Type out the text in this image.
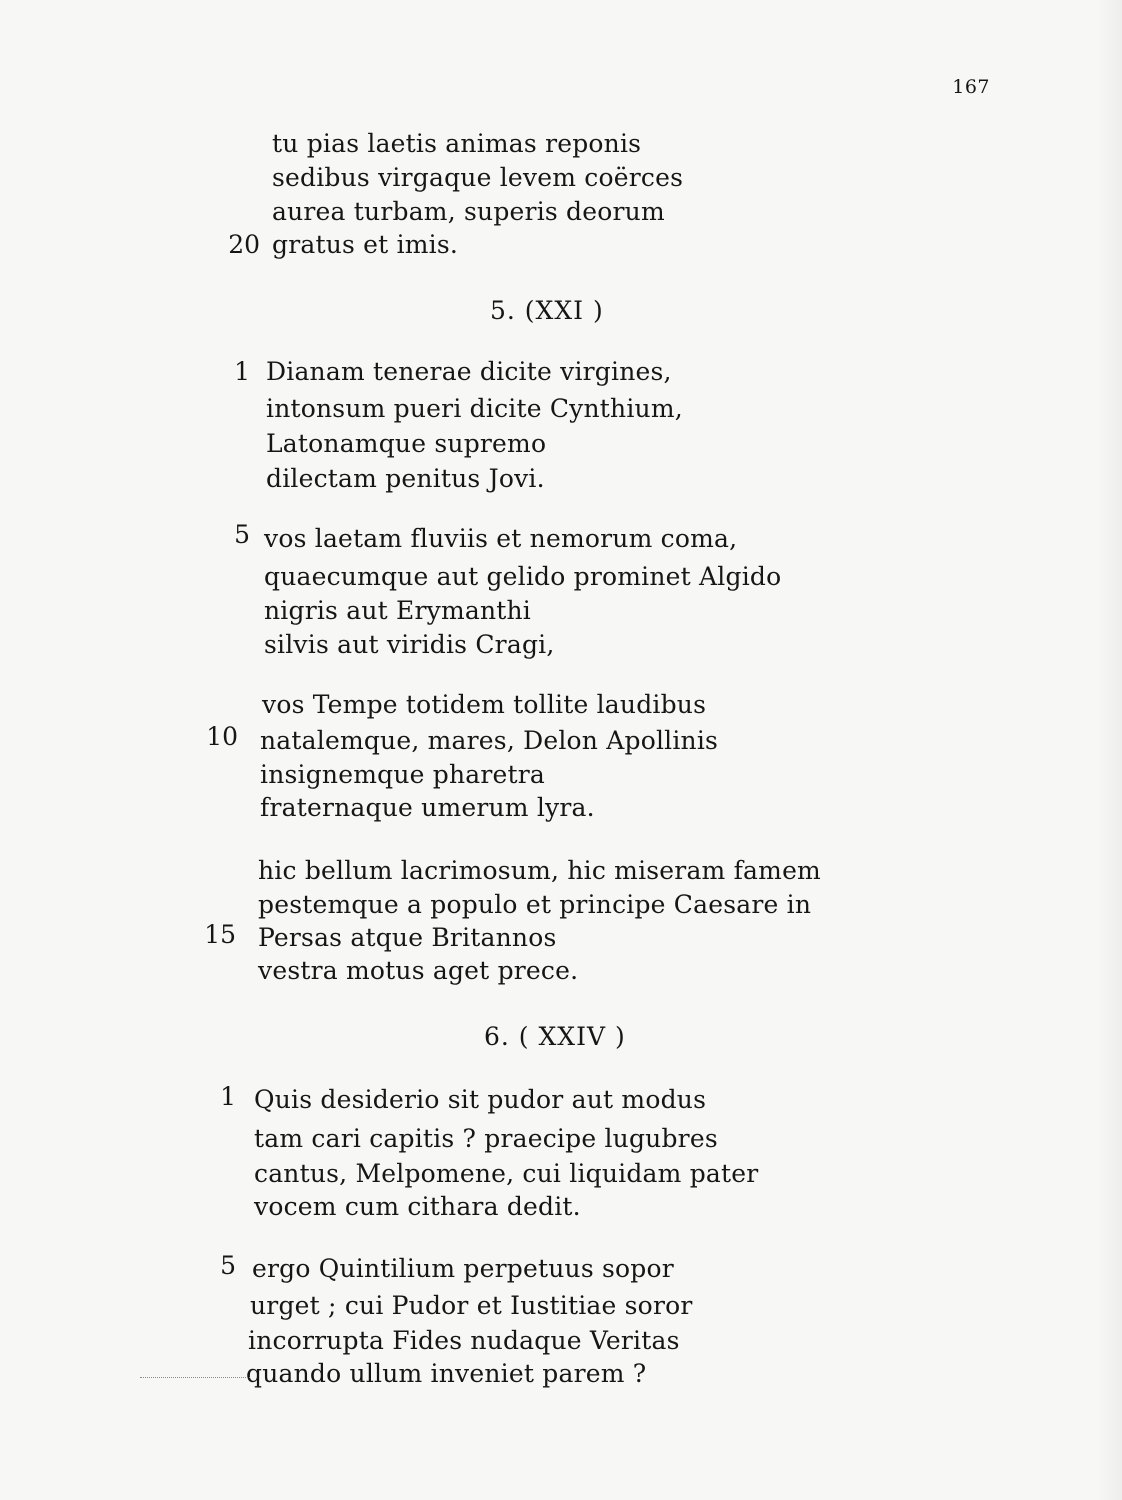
167
tu pias laetis animas reponis
sedibus virgaque levem coërces
aurea turbam, superis deorum
20 gratus et imis.
5. (XXI )
1 Dianam tenerae dicite virgines,
intonsum pueri dicite Cynthium,
Latonamque supremo
dilectam penitus Jovi.
5 vos laetam fluviis et nemorum coma,
quaecumque aut gelido prominet Algido
nigris aut Erymanthi
silvis aut viridis Cragi,
vos Tempe totidem tollite laudibus
10 natalemque, mares, Delon Apollinis
insignemque pharetra
fraternaque umerum lyra.
hic bellum lacrimosum, hic miseram famem
pestemque a populo et principe Caesare in
15 Persas atque Britannos
vestra motus aget prece.
6. ( XXIV )
1 Quis desiderio sit pudor aut modus
tam cari capitis ? praecipe lugubres
cantus, Melpomene, cui liquidam pater
vocem cum cithara dedit.
5 ergo Quintilium perpetuus sopor
urget ; cui Pudor et Iustitiae soror
incorrupta Fides nudaque Veritas
quando ullum inveniet parem ?
